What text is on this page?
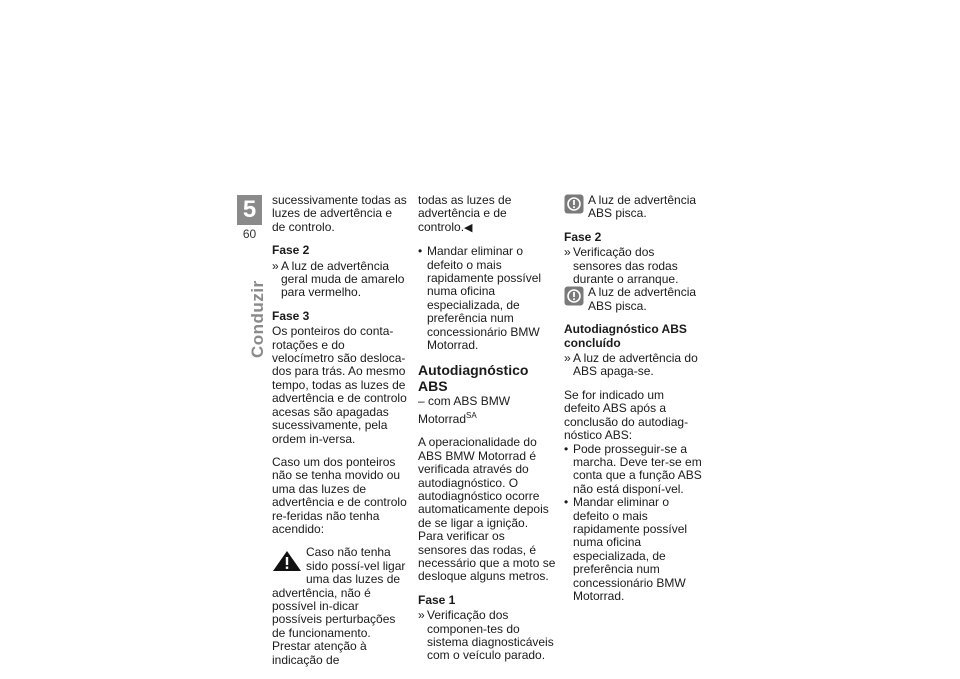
5
60
Conduzir

sucessivamente todas as luzes de advertência e de controlo.

Fase 2
» A luz de advertência geral muda de amarelo para vermelho.
Fase 3

Os ponteiros do conta-rotações e do velocímetro são desloca-dos para trás. Ao mesmo tempo, todas as luzes de advertência e de controlo acesas são apagadas sucessivamente, pela ordem in-versa.

Caso um dos ponteiros não se tenha movido ou uma das luzes de advertência e de controlo re-feridas não tenha acendido:

Caso não tenha sido possí-vel ligar uma das luzes de

advertência, não é possível in-dicar possíveis perturbações de funcionamento.

Prestar atenção à indicação de

todas as luzes de advertência e de controlo.◀

• Mandar eliminar o defeito o mais rapidamente possível numa oficina especializada, de preferência num concessionário BMW Motorrad.
Autodiagnóstico ABS

– com ABS BMW Motorrad$^{SA}$

A operacionalidade do ABS BMW Motorrad é verificada através do autodiagnóstico. O autodiagnóstico ocorre automaticamente depois de se ligar a ignição. Para verificar os sensores das rodas, é necessário que a moto se desloque alguns metros.

Fase 1
» Verificação dos componen-tes do sistema diagnosticáveis com o veículo parado.
A luz de advertência ABS pisca.
Fase 2
» Verificação dos sensores das rodas durante o arranque.
A luz de advertência ABS pisca.
Autodiagnóstico ABS concluído
» A luz de advertência do ABS apaga-se.

Se for indicado um defeito ABS após a conclusão do autodiag-nóstico ABS:

• Pode prosseguir-se a marcha. Deve ter-se em conta que a função ABS não está disponí-vel.
• Mandar eliminar o defeito o mais rapidamente possível numa oficina especializada, de preferência num concessionário BMW Motorrad.
